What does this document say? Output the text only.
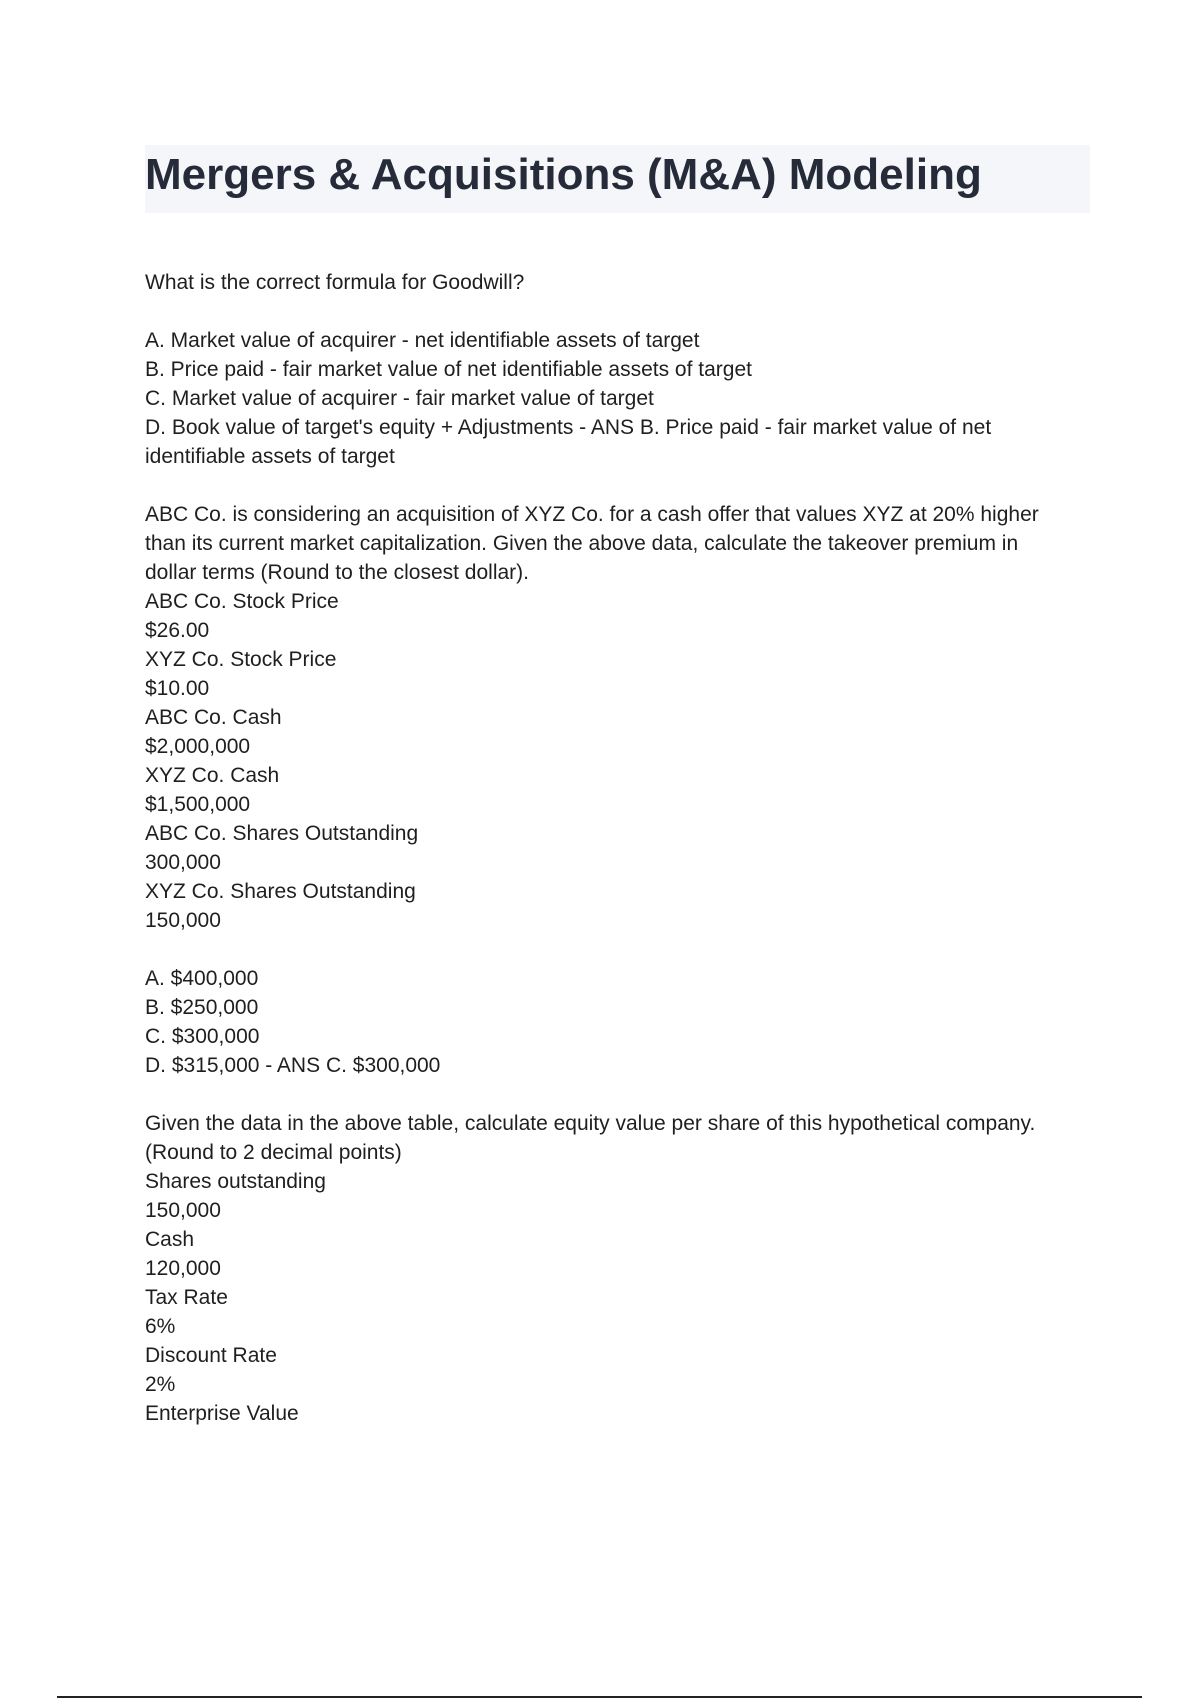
Mergers & Acquisitions (M&A) Modeling
What is the correct formula for Goodwill?
A. Market value of acquirer - net identifiable assets of target
B. Price paid - fair market value of net identifiable assets of target
C. Market value of acquirer - fair market value of target
D. Book value of target's equity + Adjustments - ANS B. Price paid - fair market value of net
identifiable assets of target
ABC Co. is considering an acquisition of XYZ Co. for a cash offer that values XYZ at 20% higher
than its current market capitalization. Given the above data, calculate the takeover premium in
dollar terms (Round to the closest dollar).
ABC Co. Stock Price
$26.00
XYZ Co. Stock Price
$10.00
ABC Co. Cash
$2,000,000
XYZ Co. Cash
$1,500,000
ABC Co. Shares Outstanding
300,000
XYZ Co. Shares Outstanding
150,000
A. $400,000
B. $250,000
C. $300,000
D. $315,000 - ANS C. $300,000
Given the data in the above table, calculate equity value per share of this hypothetical company.
(Round to 2 decimal points)
Shares outstanding
150,000
Cash
120,000
Tax Rate
6%
Discount Rate
2%
Enterprise Value
